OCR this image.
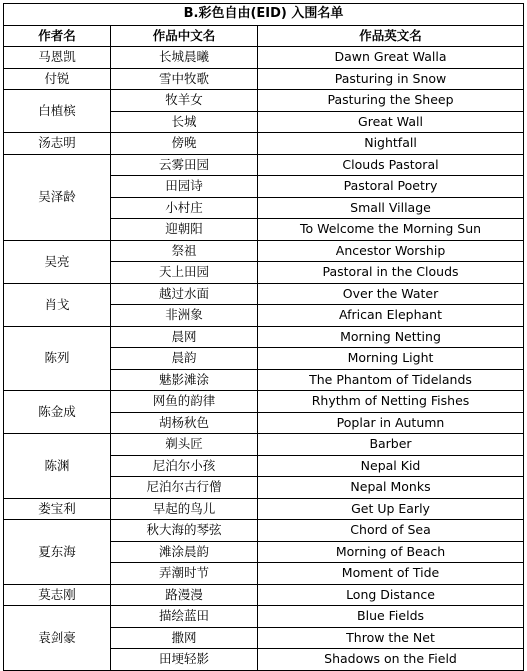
B.彩色自由(EID) 入围名单		
作者名	作品中文名	作品英文名
马恩凯	长城晨曦	Dawn Great Walla
付锐	雪中牧歌	Pasturing in Snow
白植槟	牧羊女	Pasturing the Sheep
	长城	Great Wall
汤志明	傍晚	Nightfall
吴泽龄	云雾田园	Clouds Pastoral
	田园诗	Pastoral Poetry
	小村庄	Small Village
	迎朝阳	To Welcome the Morning Sun
吴亮	祭祖	Ancestor Worship
	天上田园	Pastoral in the Clouds
肖戈	越过水面	Over the Water
	非洲象	African Elephant
陈列	晨网	Morning Netting
	晨韵	Morning Light
	魅影滩涂	The Phantom of Tidelands
陈金成	网鱼的韵律	Rhythm of Netting Fishes
	胡杨秋色	Poplar in Autumn
陈渊	剃头匠	Barber
	尼泊尔小孩	Nepal Kid
	尼泊尔古行僧	Nepal Monks
娄宝利	早起的鸟儿	Get Up Early
夏东海	秋大海的琴弦	Chord of Sea
	滩涂晨韵	Morning of Beach
	弄潮时节	Moment of Tide
莫志刚	路漫漫	Long Distance
袁剑豪	描绘蓝田	Blue Fields
	撒网	Throw the Net
	田埂轻影	Shadows on the Field
